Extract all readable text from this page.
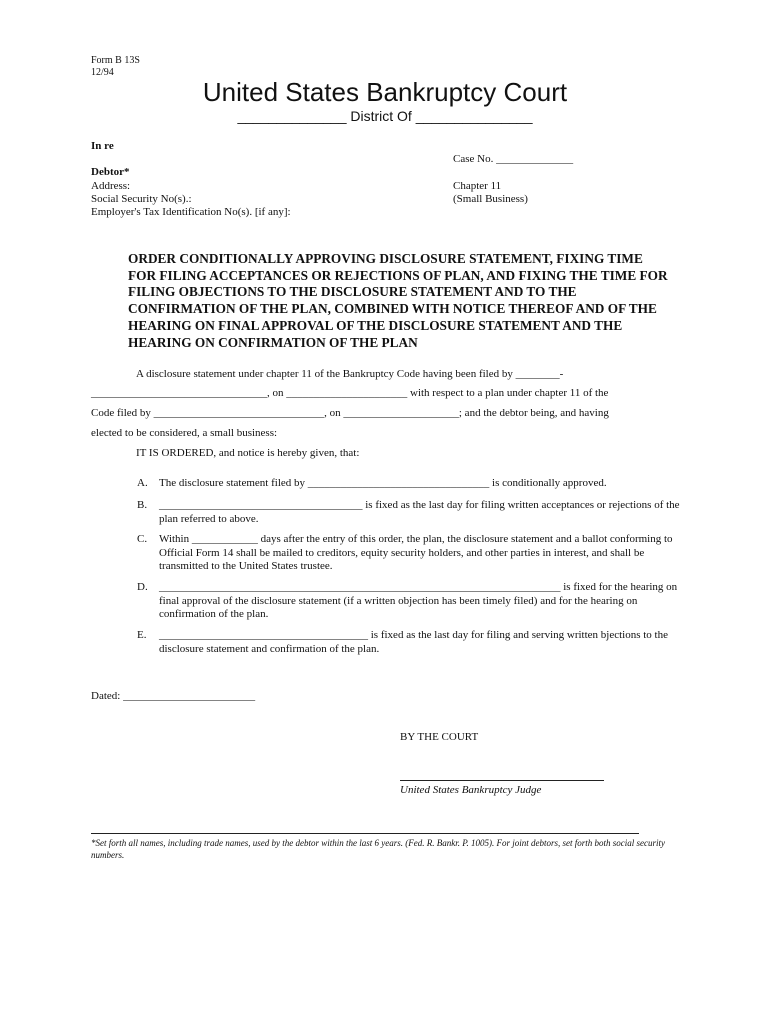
Form B 13S
12/94
United States Bankruptcy Court
______________ District Of _______________
In re
Case No. ______________
Debtor*
Address:	Chapter 11
Social Security No(s).:	(Small Business)
Employer's Tax Identification No(s). [if any]:
ORDER CONDITIONALLY APPROVING DISCLOSURE STATEMENT, FIXING TIME FOR FILING ACCEPTANCES OR REJECTIONS OF PLAN, AND FIXING THE TIME FOR FILING OBJECTIONS TO THE DISCLOSURE STATEMENT AND TO THE CONFIRMATION OF THE PLAN, COMBINED WITH NOTICE THEREOF AND OF THE HEARING ON FINAL APPROVAL OF THE DISCLOSURE STATEMENT AND THE HEARING ON CONFIRMATION OF THE PLAN
A disclosure statement under chapter 11 of the Bankruptcy Code having been filed by ________-
________________________________, on ______________________ with respect to a plan under chapter 11 of the
Code filed by _______________________________, on _____________________; and the debtor being, and having
elected to be considered, a small business:
IT IS ORDERED, and notice is hereby given, that:
A. The disclosure statement filed by _________________________________ is conditionally approved.
B. _____________________________________ is fixed as the last day for filing written acceptances or rejections of the plan referred to above.
C. Within ____________ days after the entry of this order, the plan, the disclosure statement and a ballot conforming to Official Form 14 shall be mailed to creditors, equity security holders, and other parties in interest, and shall be transmitted to the United States trustee.
D. _________________________________________________________________________ is fixed for the hearing on final approval of the disclosure statement (if a written objection has been timely filed) and for the hearing on confirmation of the plan.
E. ______________________________________ is fixed as the last day for filing and serving written bjections to the disclosure statement and confirmation of the plan.
Dated: ________________________
BY THE COURT
United States Bankruptcy Judge
*Set forth all names, including trade names, used by the debtor within the last 6 years. (Fed. R. Bankr. P. 1005). For joint debtors, set forth both social security numbers.
